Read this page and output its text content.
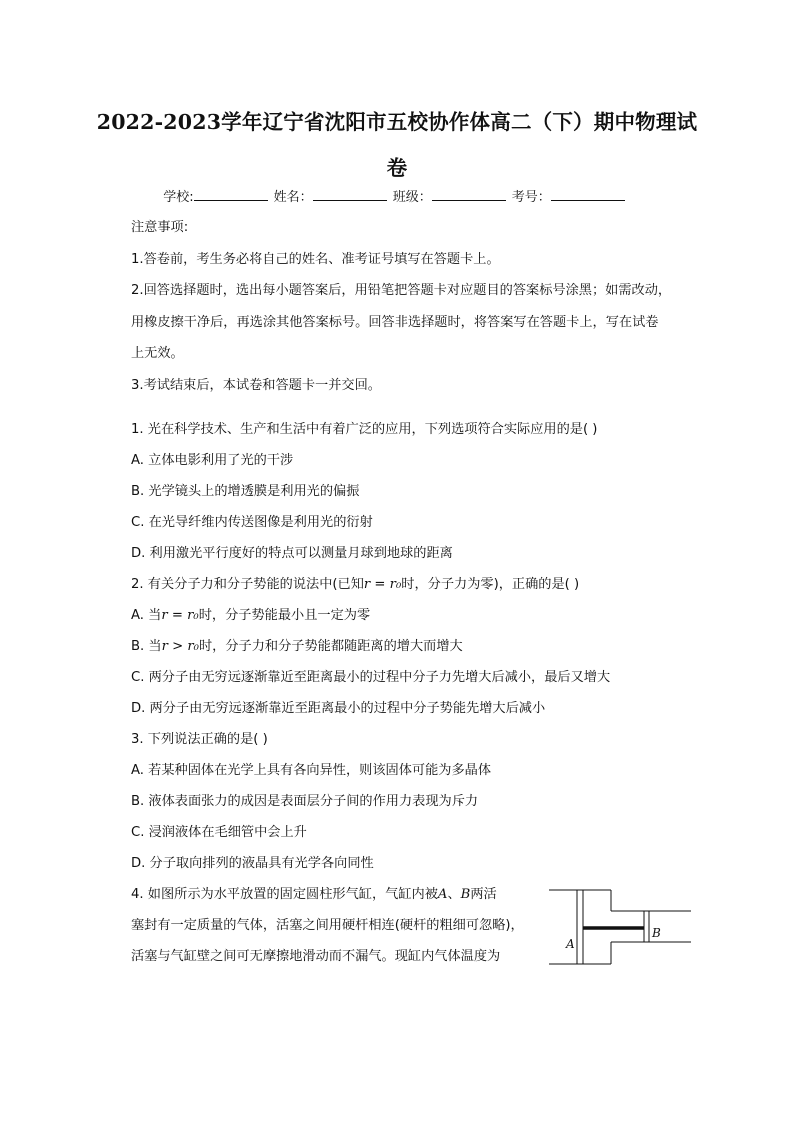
2022-2023学年辽宁省沈阳市五校协作体高二（下）期中物理试
卷
学校:	姓名：	班级：	考号：
注意事项:
1.答卷前，考生务必将自己的姓名、准考证号填写在答题卡上。
2.回答选择题时，选出每小题答案后，用铅笔把答题卡对应题目的答案标号涂黑；如需改动，
用橡皮擦干净后，再选涂其他答案标号。回答非选择题时，将答案写在答题卡上，写在试卷
上无效。
3.考试结束后，本试卷和答题卡一并交回。
1. 光在科学技术、生产和生活中有着广泛的应用，下列选项符合实际应用的是( )
A. 立体电影利用了光的干涉
B. 光学镜头上的增透膜是利用光的偏振
C. 在光导纤维内传送图像是利用光的衍射
D. 利用激光平行度好的特点可以测量月球到地球的距离
2. 有关分子力和分子势能的说法中(已知r = r₀时，分子力为零)，正确的是( )
A. 当r = r₀时，分子势能最小且一定为零
B. 当r > r₀时，分子力和分子势能都随距离的增大而增大
C. 两分子由无穷远逐渐靠近至距离最小的过程中分子力先增大后减小，最后又增大
D. 两分子由无穷远逐渐靠近至距离最小的过程中分子势能先增大后减小
3. 下列说法正确的是( )
A. 若某种固体在光学上具有各向异性，则该固体可能为多晶体
B. 液体表面张力的成因是表面层分子间的作用力表现为斥力
C. 浸润液体在毛细管中会上升
D. 分子取向排列的液晶具有光学各向同性
4. 如图所示为水平放置的固定圆柱形气缸，气缸内被A、B两活
塞封有一定质量的气体，活塞之间用硬杆相连(硬杆的粗细可忽略)，
活塞与气缸壁之间可无摩擦地滑动而不漏气。现缸内气体温度为
A
B
